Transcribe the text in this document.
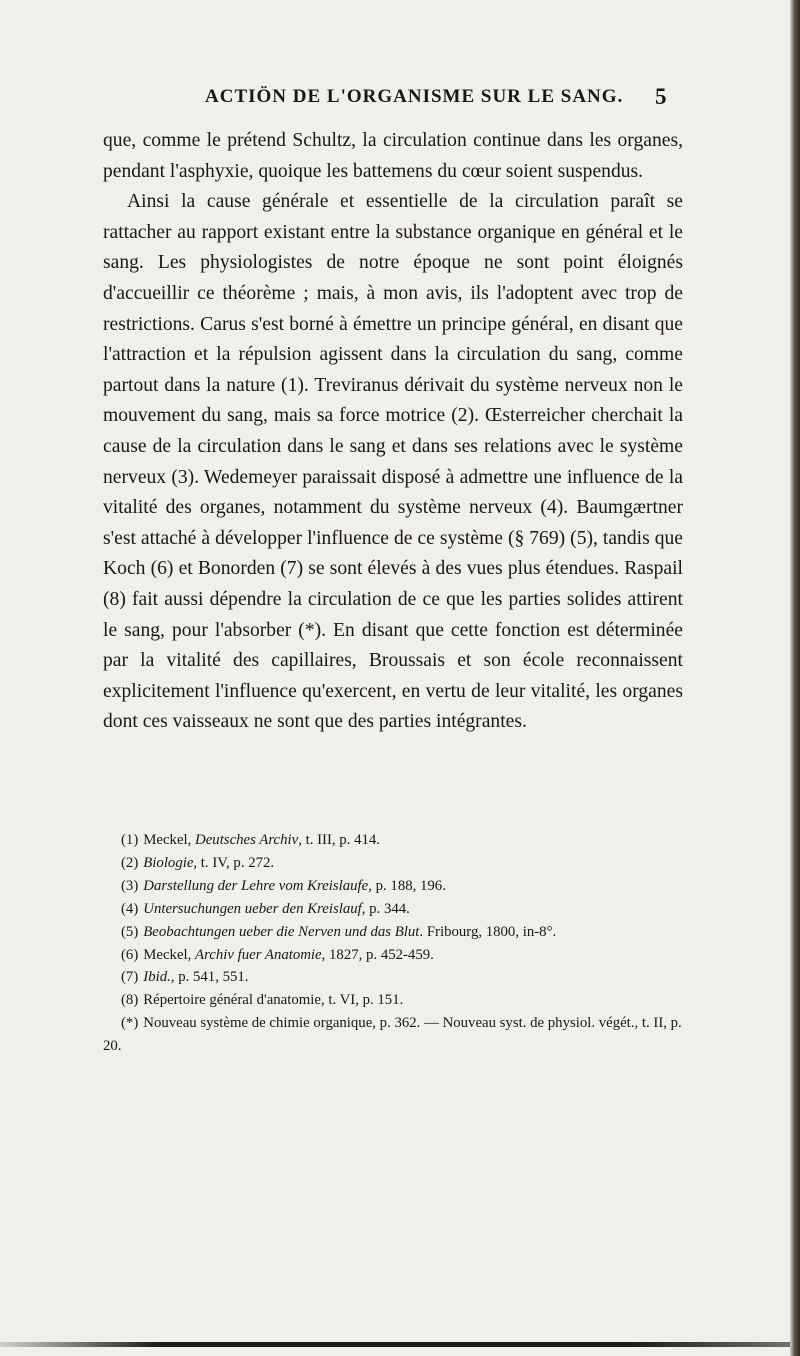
ACTIÖN DE L'ORGANISME SUR LE SANG. 5

que, comme le prétend Schultz, la circulation continue dans les organes, pendant l'asphyxie, quoique les battemens du cœur soient suspendus.

Ainsi la cause générale et essentielle de la circulation paraît se rattacher au rapport existant entre la substance organique en général et le sang. Les physiologistes de notre époque ne sont point éloignés d'accueillir ce théorème ; mais, à mon avis, ils l'adoptent avec trop de restrictions. Carus s'est borné à émettre un principe général, en disant que l'attraction et la répulsion agissent dans la circulation du sang, comme partout dans la nature (1). Treviranus dérivait du système nerveux non le mouvement du sang, mais sa force motrice (2). Œsterreicher cherchait la cause de la circulation dans le sang et dans ses relations avec le système nerveux (3). Wedemeyer paraissait disposé à admettre une influence de la vitalité des organes, notamment du système nerveux (4). Baumgærtner s'est attaché à développer l'influence de ce système (§ 769) (5), tandis que Koch (6) et Bonorden (7) se sont élevés à des vues plus étendues. Raspail (8) fait aussi dépendre la circulation de ce que les parties solides attirent le sang, pour l'absorber (*). En disant que cette fonction est déterminée par la vitalité des capillaires, Broussais et son école reconnaissent explicitement l'influence qu'exercent, en vertu de leur vitalité, les organes dont ces vaisseaux ne sont que des parties intégrantes.

(1) Meckel, Deutsches Archiv, t. III, p. 414.
(2) Biologie, t. IV, p. 272.
(3) Darstellung der Lehre vom Kreislaufe, p. 188, 196.
(4) Untersuchungen ueber den Kreislauf, p. 344.
(5) Beobachtungen ueber die Nerven und das Blut. Fribourg, 1800, in-8°.
(6) Meckel, Archiv fuer Anatomie, 1827, p. 452-459.
(7) Ibid., p. 541, 551.
(8) Répertoire général d'anatomie, t. VI, p. 151.
(*) Nouveau système de chimie organique, p. 362. — Nouveau syst. de physiol. végét., t. II, p. 20.
